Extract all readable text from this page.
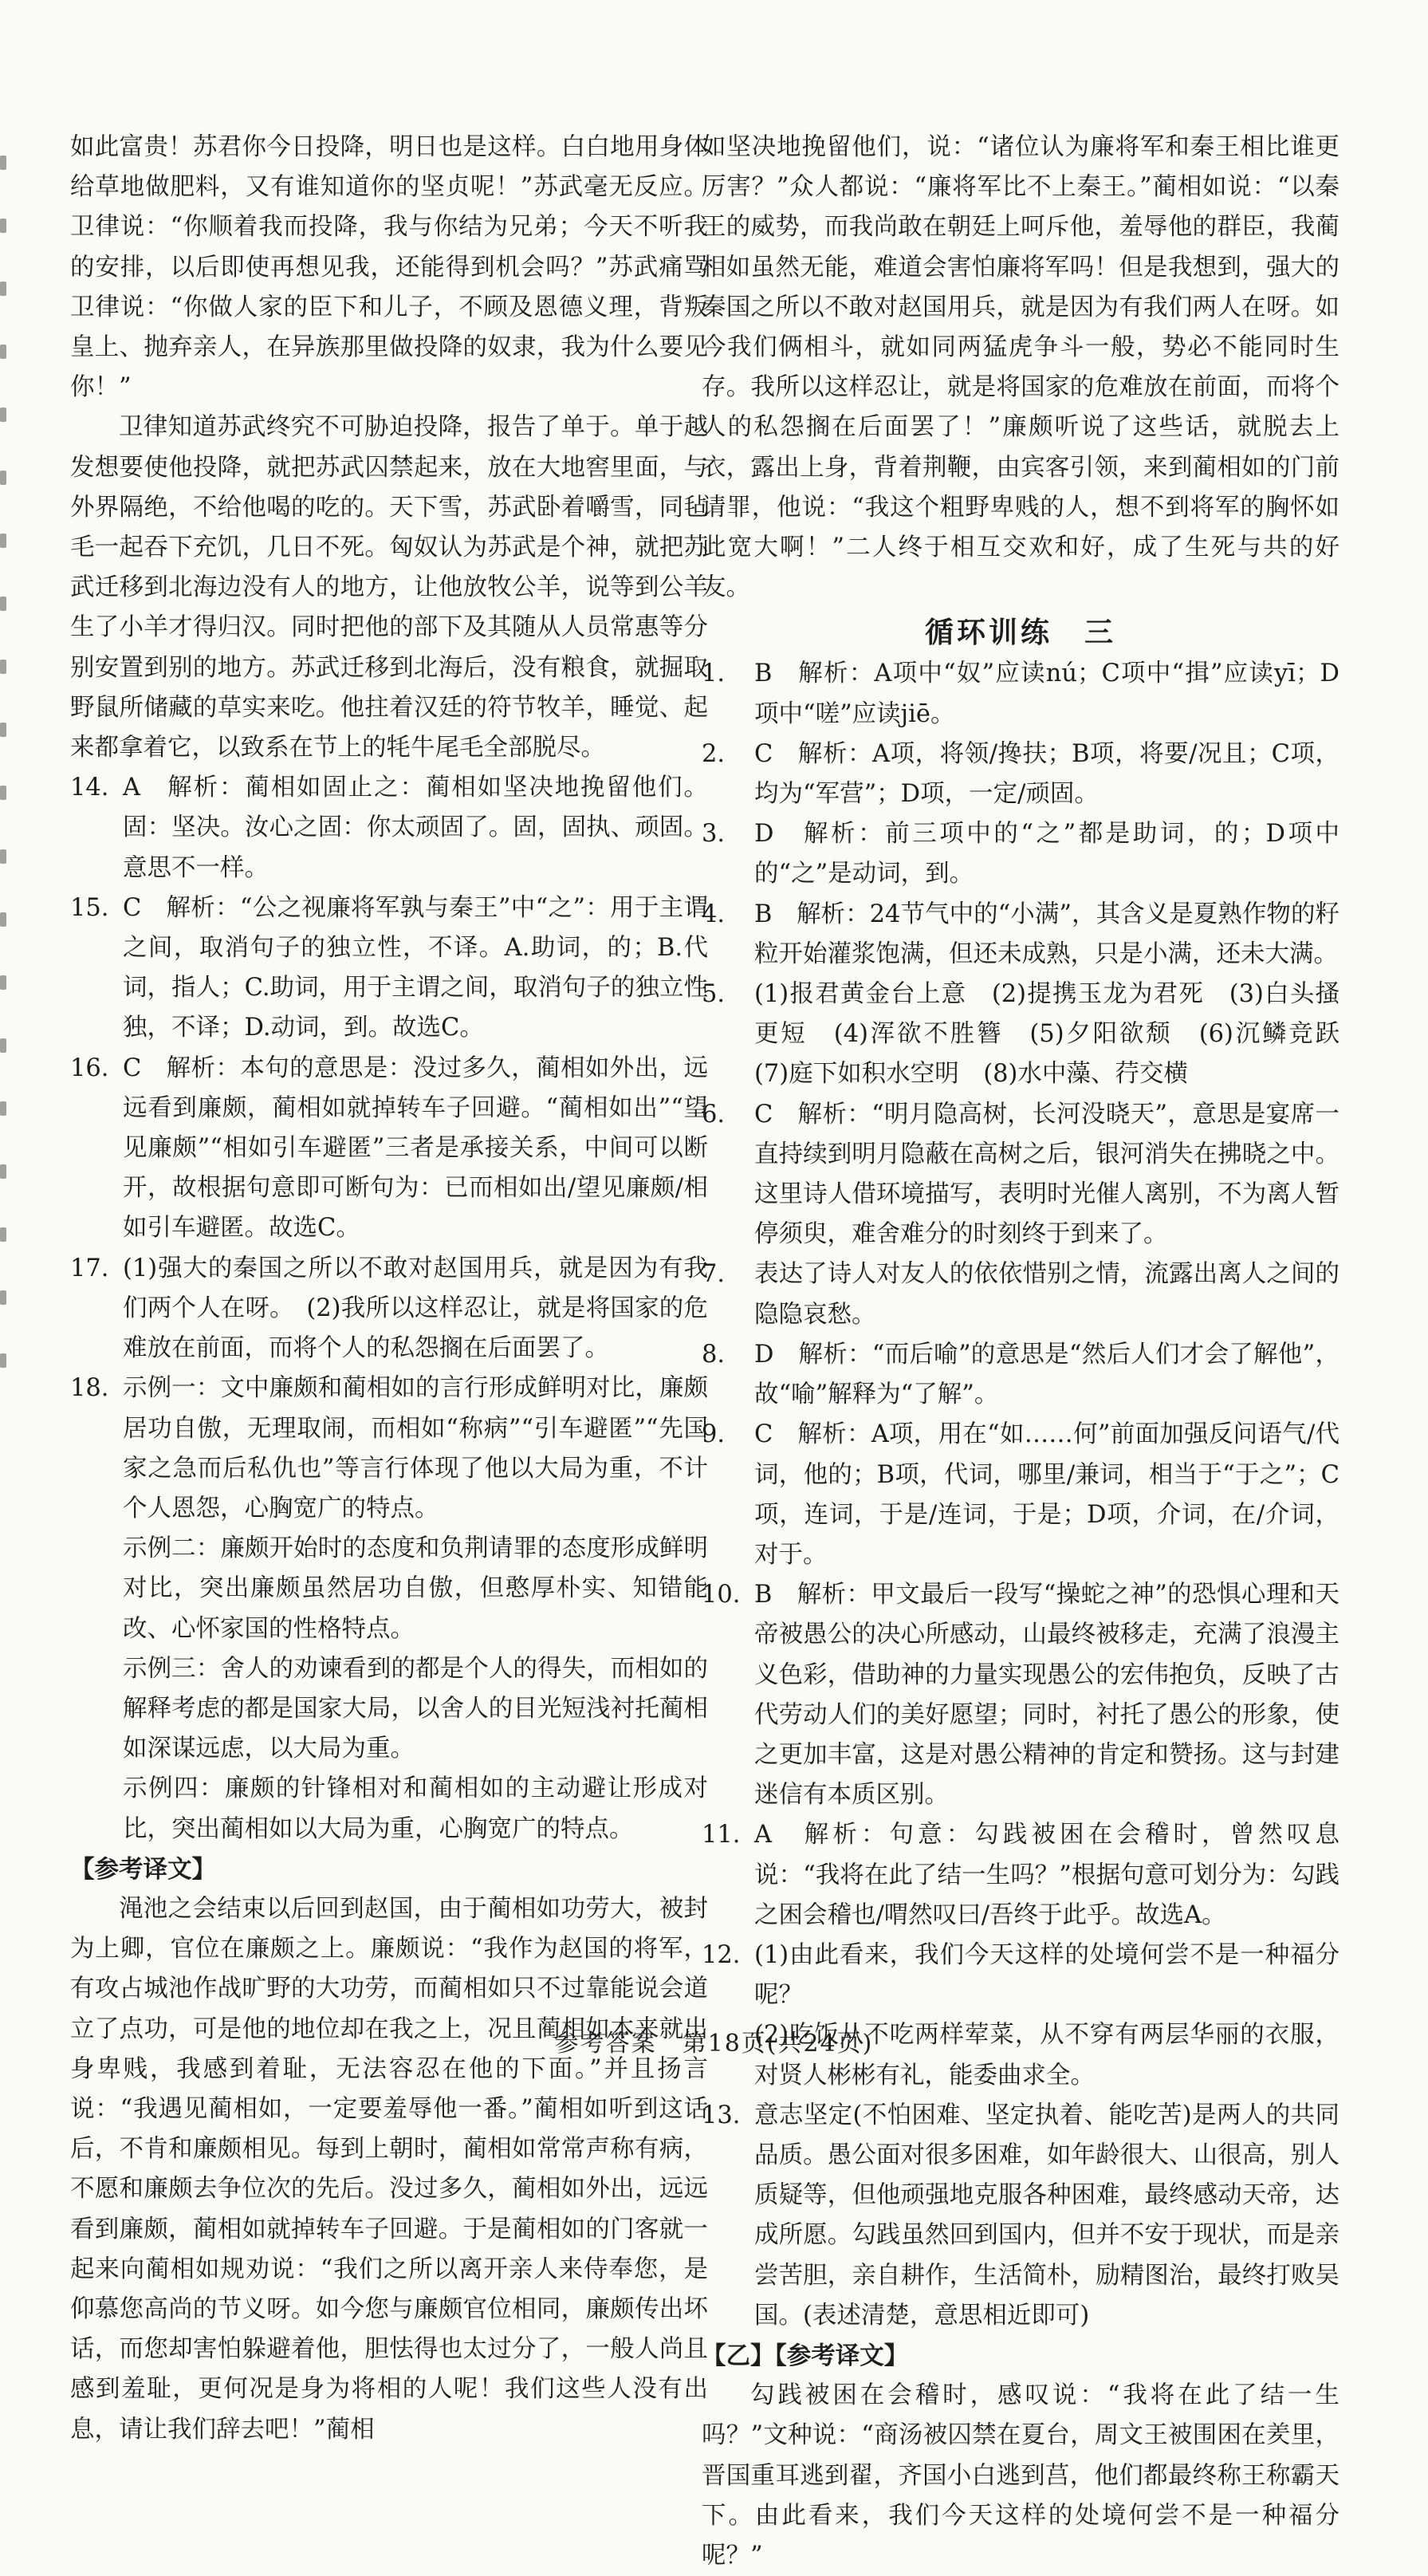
如此富贵！苏君你今日投降，明日也是这样。白白地用身体给草地做肥料，又有谁知道你的坚贞呢！”苏武毫无反应。卫律说：“你顺着我而投降，我与你结为兄弟；今天不听我的安排，以后即使再想见我，还能得到机会吗？”苏武痛骂卫律说：“你做人家的臣下和儿子，不顾及恩德义理，背叛皇上、抛弃亲人，在异族那里做投降的奴隶，我为什么要见你！”

卫律知道苏武终究不可胁迫投降，报告了单于。单于越发想要使他投降，就把苏武囚禁起来，放在大地窖里面，与外界隔绝，不给他喝的吃的。天下雪，苏武卧着嚼雪，同毡毛一起吞下充饥，几日不死。匈奴认为苏武是个神，就把苏武迁移到北海边没有人的地方，让他放牧公羊，说等到公羊生了小羊才得归汉。同时把他的部下及其随从人员常惠等分别安置到别的地方。苏武迁移到北海后，没有粮食，就掘取野鼠所储藏的草实来吃。他拄着汉廷的符节牧羊，睡觉、起来都拿着它，以致系在节上的牦牛尾毛全部脱尽。

14. A　解析：蔺相如固止之：蔺相如坚决地挽留他们。固：坚决。汝心之固：你太顽固了。固，固执、顽固。意思不一样。
15. C　解析：“公之视廉将军孰与秦王”中“之”：用于主谓之间，取消句子的独立性，不译。A.助词，的；B.代词，指人；C.助词，用于主谓之间，取消句子的独立性独，不译；D.动词，到。故选C。
16. C　解析：本句的意思是：没过多久，蔺相如外出，远远看到廉颇，蔺相如就掉转车子回避。“蔺相如出”“望见廉颇”“相如引车避匿”三者是承接关系，中间可以断开，故根据句意即可断句为：已而相如出/望见廉颇/相如引车避匿。故选C。
17. (1)强大的秦国之所以不敢对赵国用兵，就是因为有我们两个人在呀。　(2)我所以这样忍让，就是将国家的危难放在前面，而将个人的私怨搁在后面罢了。
18. 示例一：文中廉颇和蔺相如的言行形成鲜明对比，廉颇居功自傲，无理取闹，而相如“称病”“引车避匿”“先国家之急而后私仇也”等言行体现了他以大局为重，不计个人恩怨，心胸宽广的特点。
示例二：廉颇开始时的态度和负荆请罪的态度形成鲜明对比，突出廉颇虽然居功自傲，但憨厚朴实、知错能改、心怀家国的性格特点。
示例三：舍人的劝谏看到的都是个人的得失，而相如的解释考虑的都是国家大局，以舍人的目光短浅衬托蔺相如深谋远虑，以大局为重。
示例四：廉颇的针锋相对和蔺相如的主动避让形成对比，突出蔺相如以大局为重，心胸宽广的特点。

【参考译文】

渑池之会结束以后回到赵国，由于蔺相如功劳大，被封为上卿，官位在廉颇之上。廉颇说：“我作为赵国的将军，有攻占城池作战旷野的大功劳，而蔺相如只不过靠能说会道立了点功，可是他的地位却在我之上，况且蔺相如本来就出身卑贱，我感到着耻，无法容忍在他的下面。”并且扬言说：“我遇见蔺相如，一定要羞辱他一番。”蔺相如听到这话后，不肯和廉颇相见。每到上朝时，蔺相如常常声称有病，不愿和廉颇去争位次的先后。没过多久，蔺相如外出，远远看到廉颇，蔺相如就掉转车子回避。于是蔺相如的门客就一起来向蔺相如规劝说：“我们之所以离开亲人来侍奉您，是仰慕您高尚的节义呀。如今您与廉颇官位相同，廉颇传出坏话，而您却害怕躲避着他，胆怯得也太过分了，一般人尚且感到羞耻，更何况是身为将相的人呢！我们这些人没有出息，请让我们辞去吧！”蔺相

如坚决地挽留他们，说：“诸位认为廉将军和秦王相比谁更厉害？”众人都说：“廉将军比不上秦王。”蔺相如说：“以秦王的威势，而我尚敢在朝廷上呵斥他，羞辱他的群臣，我蔺相如虽然无能，难道会害怕廉将军吗！但是我想到，强大的秦国之所以不敢对赵国用兵，就是因为有我们两人在呀。如今我们俩相斗，就如同两猛虎争斗一般，势必不能同时生存。我所以这样忍让，就是将国家的危难放在前面，而将个人的私怨搁在后面罢了！”廉颇听说了这些话，就脱去上衣，露出上身，背着荆鞭，由宾客引领，来到蔺相如的门前请罪，他说：“我这个粗野卑贱的人，想不到将军的胸怀如此宽大啊！”二人终于相互交欢和好，成了生死与共的好友。

循环训练　三
1.	B　解析：A项中“奴”应读nú；C项中“揖”应读yī；D项中“嗟”应读jiē。
2.	C　解析：A项，将领/搀扶；B项，将要/况且；C项，均为“军营”；D项，一定/顽固。
3.	D　解析：前三项中的“之”都是助词，的；D项中的“之”是动词，到。
4.	B　解析：24节气中的“小满”，其含义是夏熟作物的籽粒开始灌浆饱满，但还未成熟，只是小满，还未大满。
5.	(1)报君黄金台上意　(2)提携玉龙为君死　(3)白头搔更短　(4)浑欲不胜簪　(5)夕阳欲颓　(6)沉鳞竞跃　(7)庭下如积水空明　(8)水中藻、荇交横
6.	C　解析：“明月隐高树，长河没晓天”，意思是宴席一直持续到明月隐蔽在高树之后，银河消失在拂晓之中。这里诗人借环境描写，表明时光催人离别，不为离人暂停须臾，难舍难分的时刻终于到来了。
7.	表达了诗人对友人的依依惜别之情，流露出离人之间的隐隐哀愁。
8.	D　解析：“而后喻”的意思是“然后人们才会了解他”，故“喻”解释为“了解”。
9.	C　解析：A项，用在“如……何”前面加强反问语气/代词，他的；B项，代词，哪里/兼词，相当于“于之”；C项，连词，于是/连词，于是；D项，介词，在/介词，对于。
10. B　解析：甲文最后一段写“操蛇之神”的恐惧心理和天帝被愚公的决心所感动，山最终被移走，充满了浪漫主义色彩，借助神的力量实现愚公的宏伟抱负，反映了古代劳动人们的美好愿望；同时，衬托了愚公的形象，使之更加丰富，这是对愚公精神的肯定和赞扬。这与封建迷信有本质区别。
11. A　解析：句意：勾践被困在会稽时，曾然叹息说：“我将在此了结一生吗？”根据句意可划分为：勾践之困会稽也/喟然叹曰/吾终于此乎。故选A。
12. (1)由此看来，我们今天这样的处境何尝不是一种福分呢？
(2)吃饭从不吃两样荤菜，从不穿有两层华丽的衣服，对贤人彬彬有礼，能委曲求全。
13. 意志坚定(不怕困难、坚定执着、能吃苦)是两人的共同品质。愚公面对很多困难，如年龄很大、山很高，别人质疑等，但他顽强地克服各种困难，最终感动天帝，达成所愿。勾践虽然回到国内，但并不安于现状，而是亲尝苦胆，亲自耕作，生活简朴，励精图治，最终打败吴国。(表述清楚，意思相近即可)

【乙】【参考译文】

勾践被困在会稽时，感叹说：“我将在此了结一生吗？”文种说：“商汤被囚禁在夏台，周文王被围困在羑里，晋国重耳逃到翟，齐国小白逃到莒，他们都最终称王称霸天下。由此看来，我们今天这样的处境何尝不是一种福分呢？”

参考答案　第18页(共24页)
